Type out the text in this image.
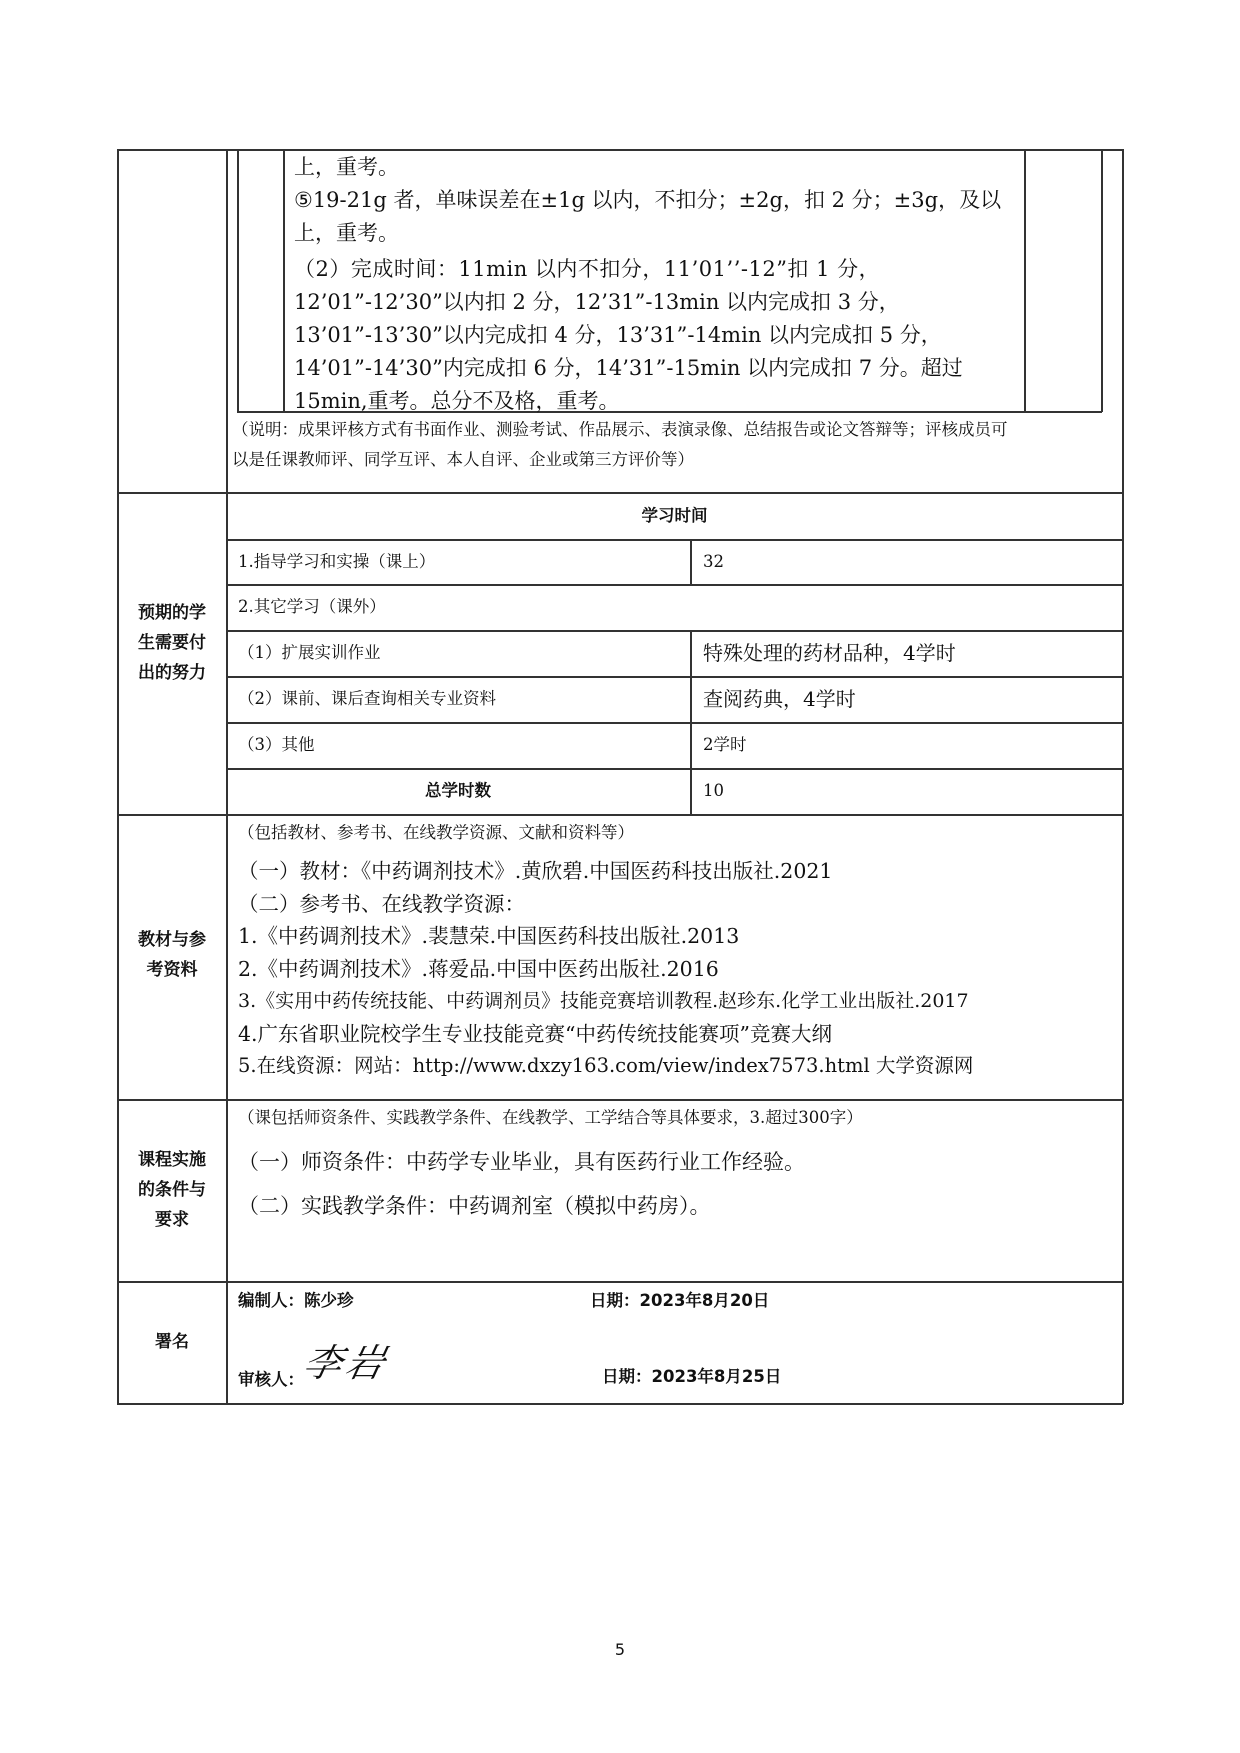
上，重考。
⑤19-21g 者，单味误差在±1g 以内，不扣分；±2g，扣 2 分；±3g，及以
上，重考。
（2）完成时间：11min 以内不扣分，11’01’’-12”扣 1 分，
12’01”-12’30”以内扣 2 分，12’31”-13min 以内完成扣 3 分，
13’01”-13’30”以内完成扣 4 分，13’31”-14min 以内完成扣 5 分，
14’01”-14’30”内完成扣 6 分，14’31”-15min 以内完成扣 7 分。超过
15min,重考。总分不及格，重考。
（说明：成果评核方式有书面作业、测验考试、作品展示、表演录像、总结报告或论文答辩等；评核成员可
以是任课教师评、同学互评、本人自评、企业或第三方评价等）
预期的学
生需要付
出的努力
学习时间
1.指导学习和实操（课上）	32
2.其它学习（课外）
（1）扩展实训作业	特殊处理的药材品种，4学时
（2）课前、课后查询相关专业资料	查阅药典，4学时
（3）其他	2学时
总学时数	10
教材与参
考资料
（包括教材、参考书、在线教学资源、文献和资料等）
（一）教材：《中药调剂技术》.黄欣碧.中国医药科技出版社.2021
（二）参考书、在线教学资源：
1.《中药调剂技术》.裴慧荣.中国医药科技出版社.2013
2.《中药调剂技术》.蒋爱品.中国中医药出版社.2016
3.《实用中药传统技能、中药调剂员》技能竞赛培训教程.赵珍东.化学工业出版社.2017
4.广东省职业院校学生专业技能竞赛“中药传统技能赛项”竞赛大纲
5.在线资源：网站：http://www.dxzy163.com/view/index7573.html 大学资源网
课程实施
的条件与
要求
（课包括师资条件、实践教学条件、在线教学、工学结合等具体要求，3.超过300字）
（一）师资条件：中药学专业毕业，具有医药行业工作经验。
（二）实践教学条件：中药调剂室（模拟中药房）。
署名
编制人：陈少珍	日期：2023年8月20日
审核人：
李岩	日期：2023年8月25日
5
